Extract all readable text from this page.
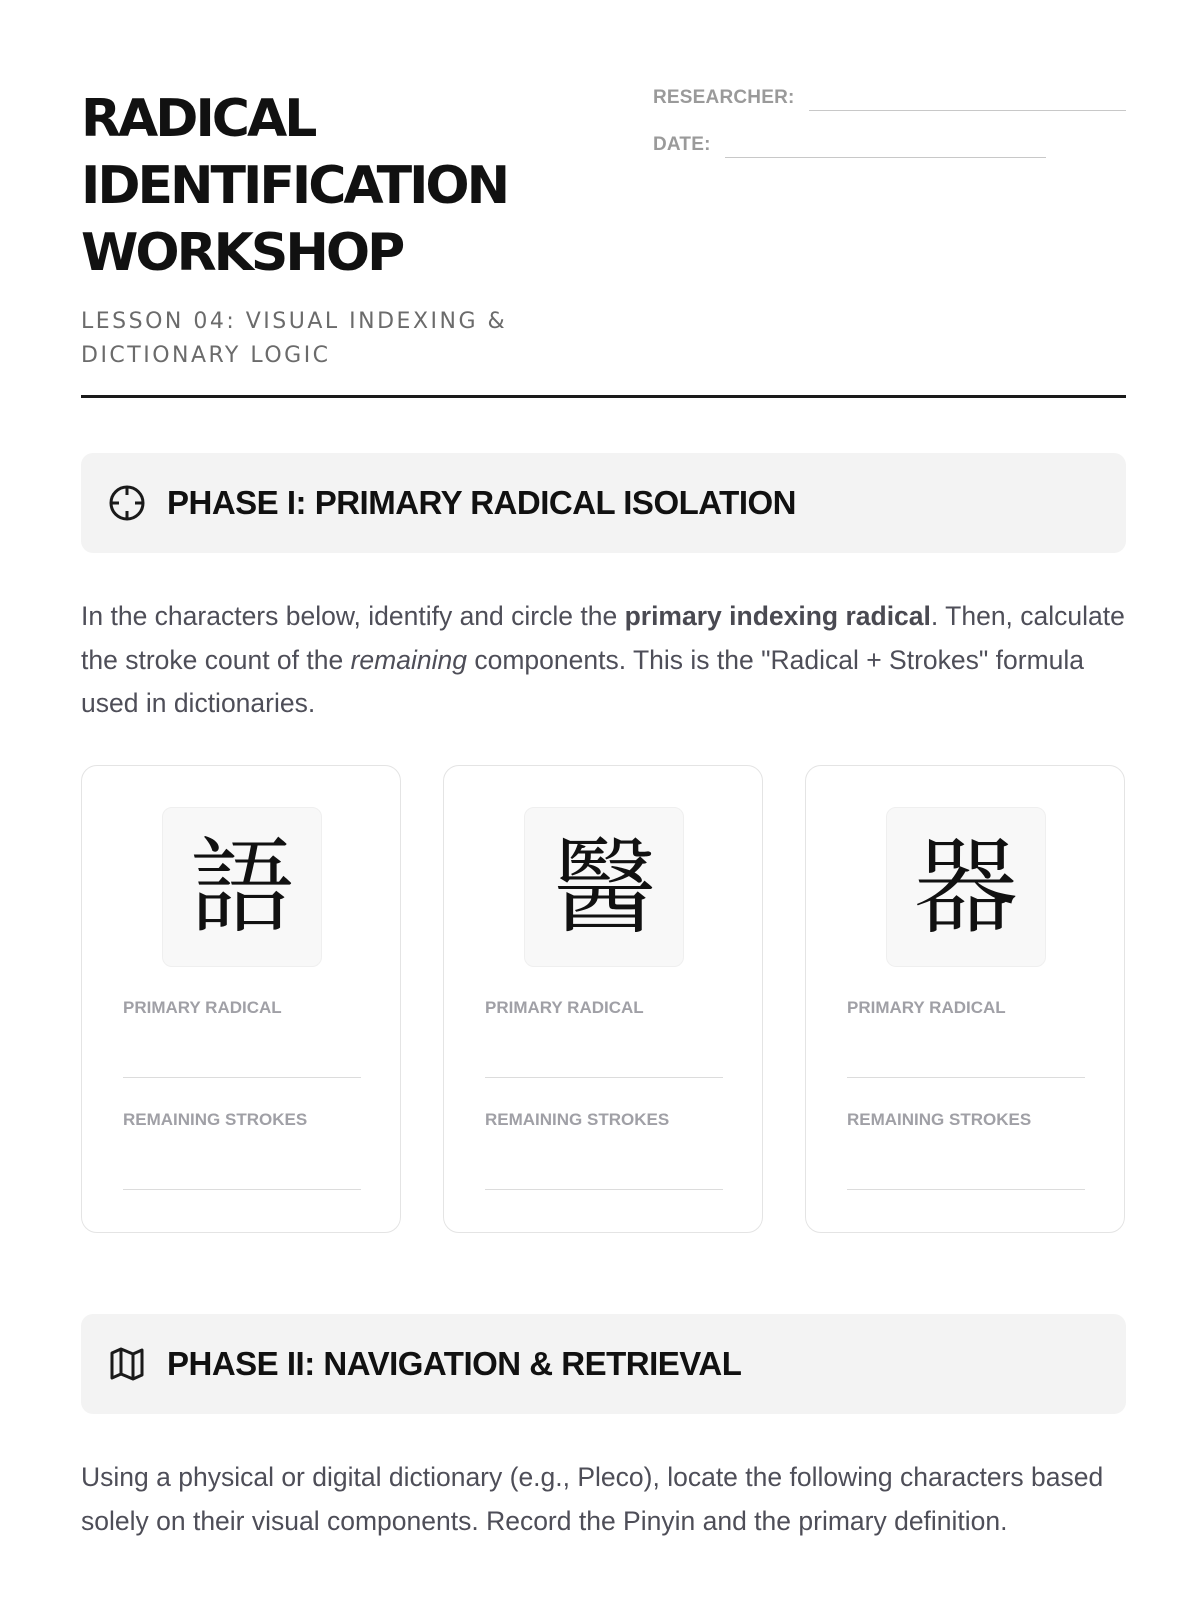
RADICAL
IDENTIFICATION
WORKSHOP
LESSON 04: VISUAL INDEXING & DICTIONARY LOGIC
RESEARCHER:
DATE:
PHASE I: PRIMARY RADICAL ISOLATION
In the characters below, identify and circle the primary indexing radical. Then, calculate the stroke count of the remaining components. This is the "Radical + Strokes" formula used in dictionaries.
語
PRIMARY RADICAL
REMAINING STROKES
醫
PRIMARY RADICAL
REMAINING STROKES
器
PRIMARY RADICAL
REMAINING STROKES
PHASE II: NAVIGATION & RETRIEVAL
Using a physical or digital dictionary (e.g., Pleco), locate the following characters based solely on their visual components. Record the Pinyin and the primary definition.
